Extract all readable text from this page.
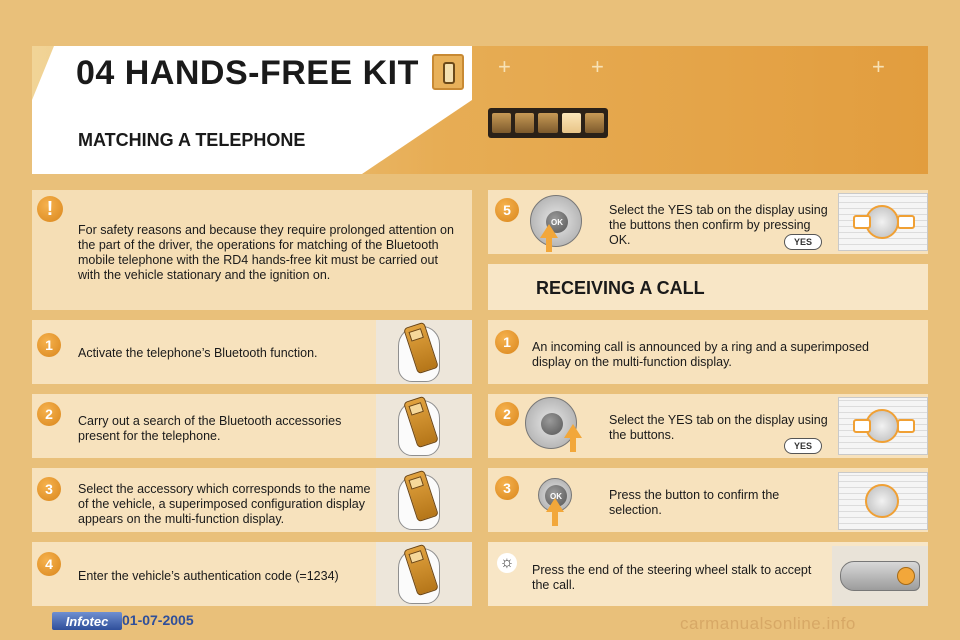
04 HANDS-FREE KIT	+	+	+
MATCHING A TELEPHONE
!
For safety reasons and because they require prolonged attention on the part of the driver, the operations for matching of the Bluetooth mobile telephone with the RD4 hands-free kit must be carried out with the vehicle stationary and the ignition on.
1	Activate the telephone’s Bluetooth function.
2	Carry out a search of the Bluetooth accessories present for the telephone.
3	Select the accessory which corresponds to the name of the vehicle, a superimposed configuration display appears on the multi-function display.
4
Enter the vehicle’s authentication code (=1234)
5
OK
Select the YES tab on the display using the buttons then confirm by pressing OK.	YES
RECEIVING A CALL
1	An incoming call is announced by a ring and a superimposed display on the multi-function display.
2	Select the YES tab on the display using the buttons.
YES
3	OK	Press the button to confirm the selection.
☼ Press the end of the steering wheel stalk to accept the call.
Infotec 01-07-2005	carmanualsonline.info
